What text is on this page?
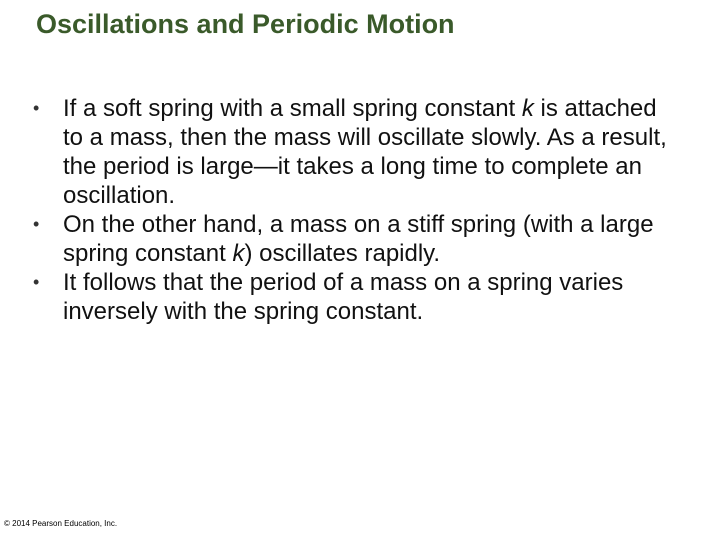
Oscillations and Periodic Motion
• If a soft spring with a small spring constant k is attached to a mass, then the mass will oscillate slowly. As a result, the period is large—it takes a long time to complete an oscillation.
• On the other hand, a mass on a stiff spring (with a large spring constant k) oscillates rapidly.
• It follows that the period of a mass on a spring varies inversely with the spring constant.
© 2014 Pearson Education, Inc.
